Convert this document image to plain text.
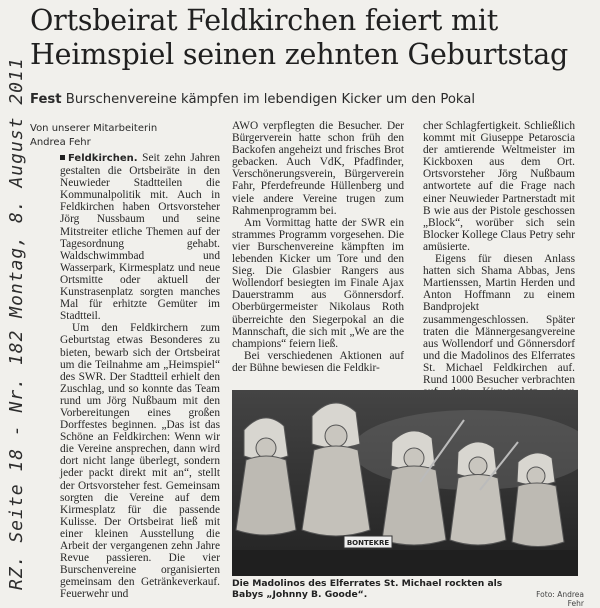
Ortsbeirat Feldkirchen feiert mit
Heimspiel seinen zehnten Geburtstag
Fest Burschenvereine kämpfen im lebendigen Kicker um den Pokal
Von unserer Mitarbeiterin
Andrea Fehr

Feldkirchen. Seit zehn Jahren gestalten die Ortsbeiräte in den Neuwieder Stadtteilen die Kommunalpolitik mit. Auch in Feldkirchen haben Ortsvorsteher Jörg Nussbaum und seine Mitstreiter etliche Themen auf der Tagesordnung gehabt. Waldschwimmbad und Wasserpark, Kirmesplatz und neue Ortsmitte oder aktuell der Kunstrasenplatz sorgten manches Mal für erhitzte Gemüter im Stadtteil.

Um den Feldkirchern zum Geburtstag etwas Besonderes zu bieten, bewarb sich der Ortsbeirat um die Teilnahme am „Heimspiel“ des SWR. Der Stadtteil erhielt den Zuschlag, und so konnte das Team rund um Jörg Nußbaum mit den Vorbereitungen eines großen Dorffestes beginnen. „Das ist das Schöne an Feldkirchen: Wenn wir die Vereine ansprechen, dann wird dort nicht lange überlegt, sondern jeder packt direkt mit an“, stellt der Ortsvorsteher fest. Gemeinsam sorgten die Vereine auf dem Kirmesplatz für die passende Kulisse. Der Ortsbeirat ließ mit einer kleinen Ausstellung die Arbeit der vergangenen zehn Jahre Revue passieren. Die vier Burschenvereine organisierten gemeinsam den Getränkeverkauf. Feuerwehr und

AWO verpflegten die Besucher. Der Bürgerverein hatte schon früh den Backofen angeheizt und frisches Brot gebacken. Auch VdK, Pfadfinder, Verschönerungsverein, Bürgerverein Fahr, Pferdefreunde Hüllenberg und viele andere Vereine trugen zum Rahmenprogramm bei.

Am Vormittag hatte der SWR ein strammes Programm vorgesehen. Die vier Burschenvereine kämpften im lebenden Kicker um Tore und den Sieg. Die Glasbier Rangers aus Wollendorf besiegten im Finale Ajax Dauerstramm aus Gönnersdorf. Oberbürgermeister Nikolaus Roth überreichte den Siegerpokal an die Mannschaft, die sich mit „We are the champions“ feiern ließ.

Bei verschiedenen Aktionen auf der Bühne bewiesen die Feldkir-

cher Schlagfertigkeit. Schließlich kommt mit Giuseppe Petaroscia der amtierende Weltmeister im Kickboxen aus dem Ort. Ortsvorsteher Jörg Nußbaum antwortete auf die Frage nach einer Neuwieder Partnerstadt mit B wie aus der Pistole geschossen „Block“, worüber sich sein Blocker Kollege Claus Petry sehr amüsierte.

Eigens für diesen Anlass hatten sich Shama Abbas, Jens Martienssen, Martin Herden und Anton Hoffmann zu einem Bandprojekt zusammengeschlossen. Später traten die Männergesangvereine aus Wollendorf und Gönnersdorf und die Madolinos des Elferrates St. Michael Feldkirchen auf. Rund 1000 Besucher verbrachten

RZ. Seite 18 - Nr. 182 Montag, 8. August 2011	BONTEKRE
Die Madolinos des Elferrates St. Michael rockten als Babys „Johnny B. Goode“.	Foto: Andrea Fehr
